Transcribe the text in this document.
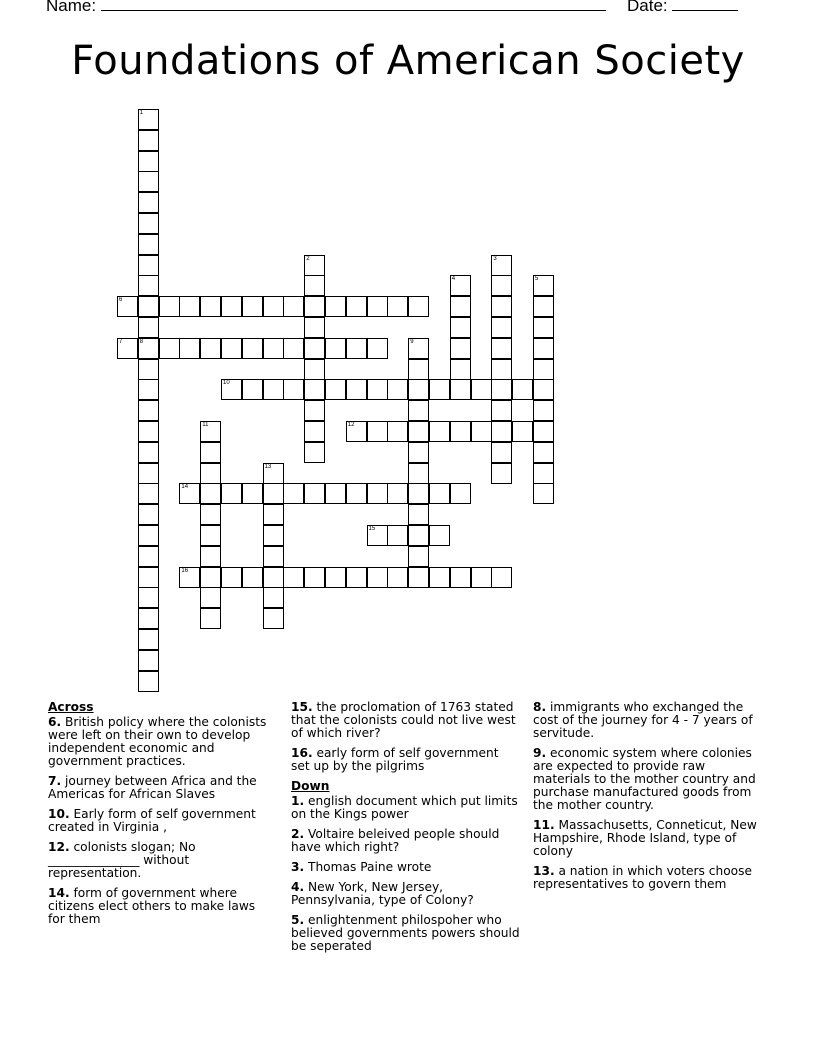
Name:	Date:
Foundations of American Society
1
8
2	3
4	5
6
7	9
10
11	12
13
14
15
16
Across
6. British policy where the colonists were left on their own to develop independent economic and government practices.
7. journey between Africa and the Americas for African Slaves
10. Early form of self government created in Virginia ,
12. colonists slogan; No _______________ without representation.
14. form of government where citizens elect others to make laws for them
15. the proclomation of 1763 stated that the colonists could not live west of which river?
16. early form of self government set up by the pilgrims
Down
1. english document which put limits on the Kings power
2. Voltaire beleived people should have which right?
3. Thomas Paine wrote
4. New York, New Jersey, Pennsylvania, type of Colony?
5. enlightenment philospoher who believed governments powers should be seperated
8. immigrants who exchanged the cost of the journey for 4 - 7 years of servitude.
9. economic system where colonies are expected to provide raw materials to the mother country and purchase manufactured goods from the mother country.
11. Massachusetts, Conneticut, New Hampshire, Rhode Island, type of colony
13. a nation in which voters choose representatives to govern them
